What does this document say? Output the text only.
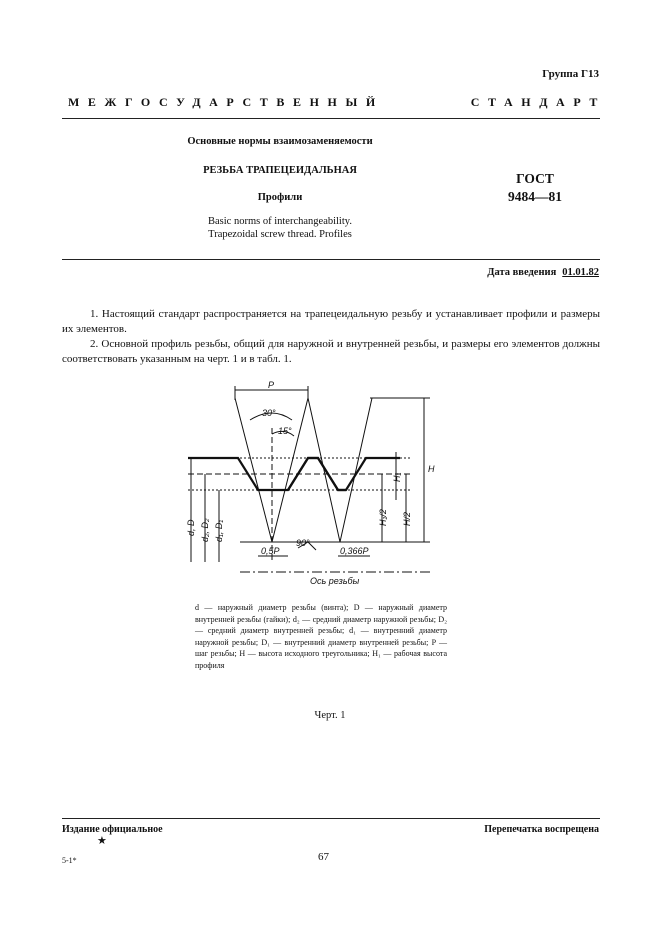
Группа Г13
МЕЖГОСУДАРСТВЕННЫЙ	СТАНДАРТ
Основные нормы взаимозаменяемости
РЕЗЬБА ТРАПЕЦЕИДАЛЬНАЯ
Профили
Basic norms of interchangeability.
Trapezoidal screw thread. Profiles
ГОСТ
9484—81
Дата введения 01.01.82

1. Настоящий стандарт распространяется на трапецеидальную резьбу и устанавливает профили и размеры их элементов.

2. Основной профиль резьбы, общий для наружной и внутренней резьбы, и размеры его элементов должны соответствовать указанным на черт. 1 и в табл. 1.

P
30°
15°
0,5P	0,366P
90°
Ось резьбы
H
H₁
H₁/2 H/2
d, D d₂, D₂ d₁, D₁
d — наружный диаметр резьбы (винта); D — наружный диаметр внутренней резьбы (гайки); d₂ — средний диаметр наружной резьбы; D₂ — средний диаметр внутренней резьбы; d₁ — внутренний диаметр наружной резьбы; D₁ — внутренний диаметр внутренней резьбы; P — шаг резьбы; H — высота исходного треугольника; H₁ — рабочая высота профиля
Черт. 1
Издание официальное	Перепечатка воспрещена
★
5-1*	67
